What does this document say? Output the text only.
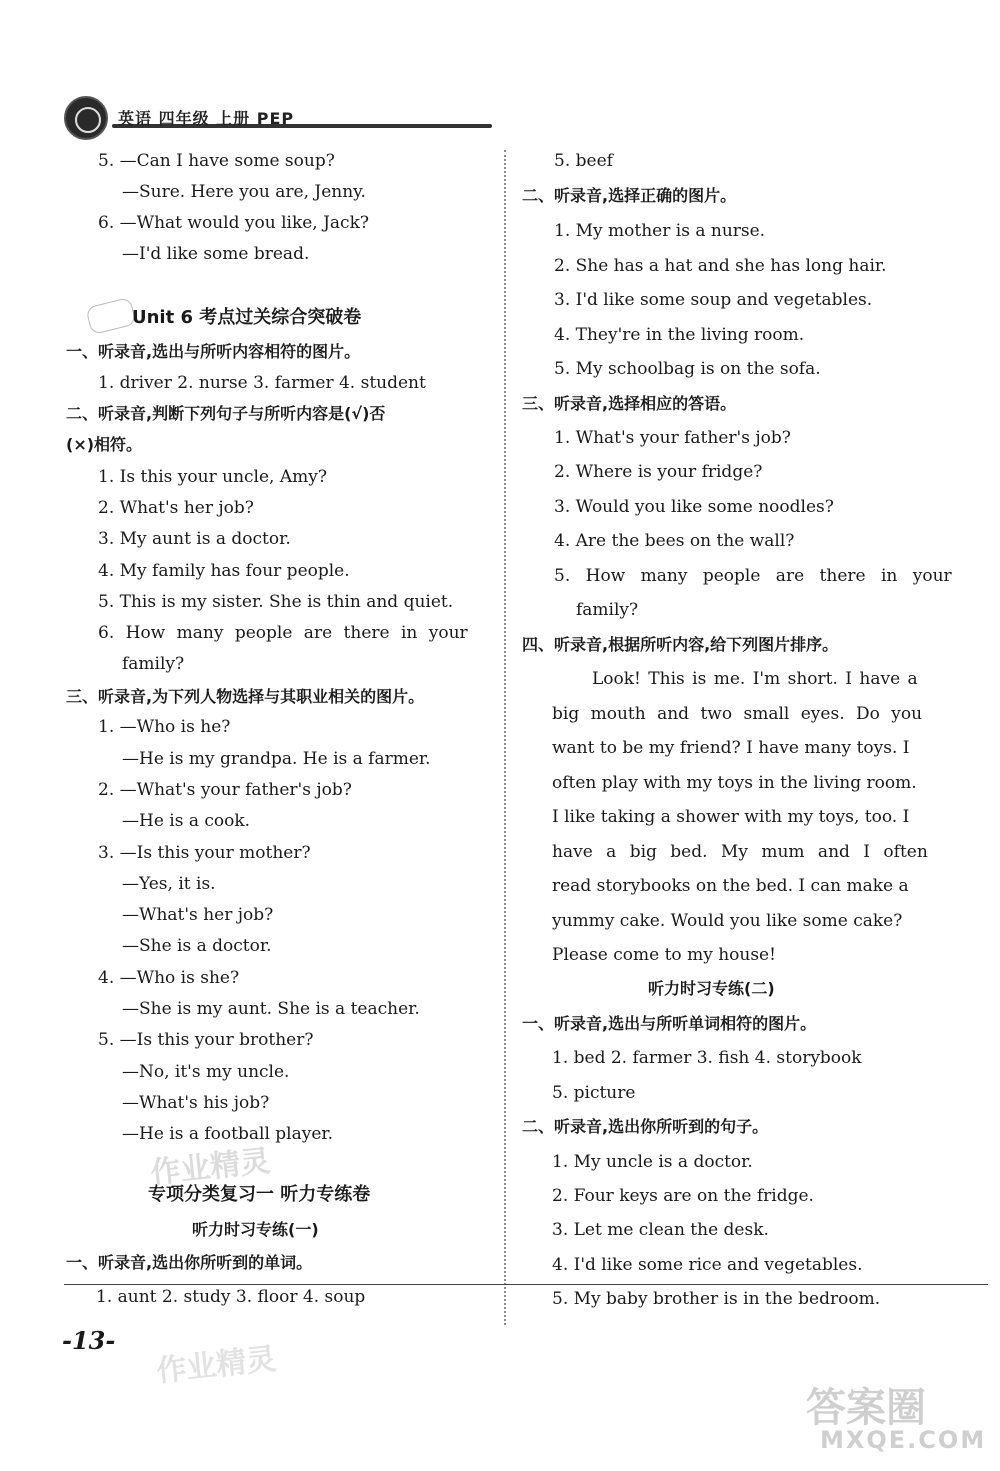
英语 四年级 上册 PEP
5. —Can I have some soup?
—Sure. Here you are, Jenny.
6. —What would you like, Jack?
—I'd like some bread.
Unit 6 考点过关综合突破卷
一、听录音,选出与所听内容相符的图片。
1. driver 2. nurse 3. farmer 4. student
二、听录音,判断下列句子与所听内容是(√)否
(×)相符。
1. Is this your uncle, Amy?
2. What's her job?
3. My aunt is a doctor.
4. My family has four people.
5. This is my sister. She is thin and quiet.
6. How many people are there in your
family?
三、听录音,为下列人物选择与其职业相关的图片。
1. —Who is he?
—He is my grandpa. He is a farmer.
2. —What's your father's job?
—He is a cook.
3. —Is this your mother?
—Yes, it is.
—What's her job?
—She is a doctor.
4. —Who is she?
—She is my aunt. She is a teacher.
5. —Is this your brother?
—No, it's my uncle.
—What's his job?
—He is a football player.
专项分类复习一 听力专练卷
听力时习专练(一)
一、听录音,选出你所听到的单词。
1. aunt 2. study 3. floor 4. soup
5. beef
二、听录音,选择正确的图片。
1. My mother is a nurse.
2. She has a hat and she has long hair.
3. I'd like some soup and vegetables.
4. They're in the living room.
5. My schoolbag is on the sofa.
三、听录音,选择相应的答语。
1. What's your father's job?
2. Where is your fridge?
3. Would you like some noodles?
4. Are the bees on the wall?
5. How many people are there in your
family?
四、听录音,根据所听内容,给下列图片排序。
Look! This is me. I'm short. I have a
big mouth and two small eyes. Do you
want to be my friend? I have many toys. I
often play with my toys in the living room.
I like taking a shower with my toys, too. I
have a big bed. My mum and I often
read storybooks on the bed. I can make a
yummy cake. Would you like some cake?
Please come to my house!
听力时习专练(二)
一、听录音,选出与所听单词相符的图片。
1. bed 2. farmer 3. fish 4. storybook
5. picture
二、听录音,选出你所听到的句子。
1. My uncle is a doctor.
2. Four keys are on the fridge.
3. Let me clean the desk.
4. I'd like some rice and vegetables.
5. My baby brother is in the bedroom.
-13-
作业精灵
作业精灵
答案圈
MXQE.COM
